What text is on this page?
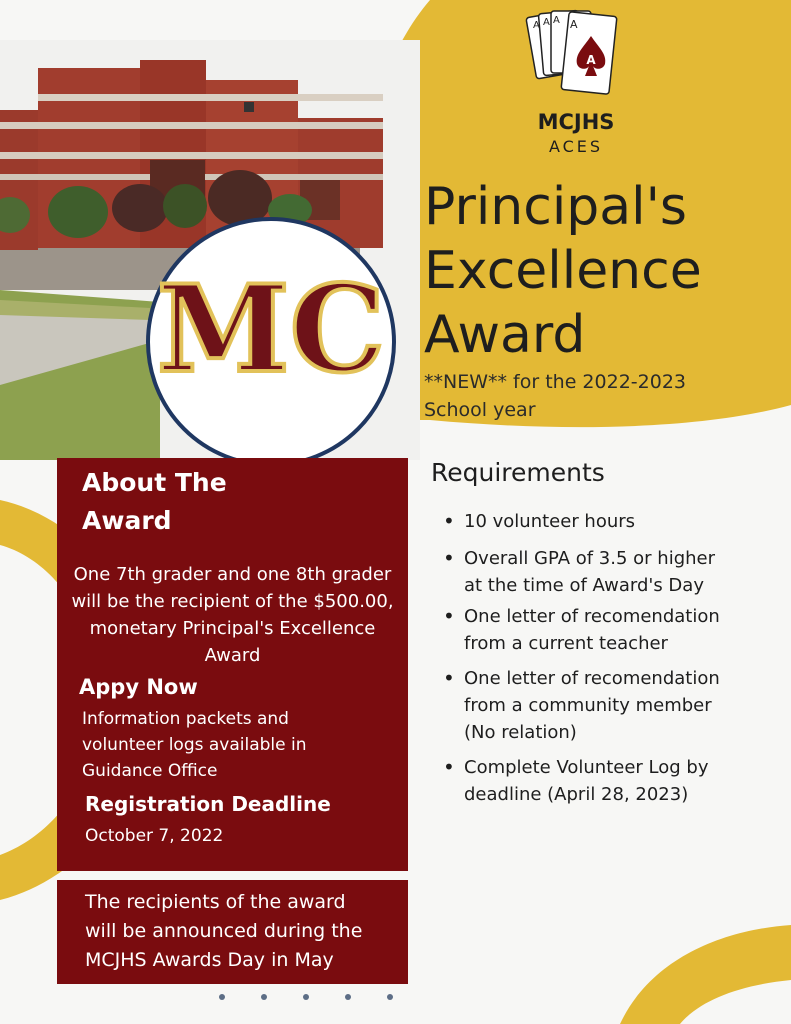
MC
A A A A
A
MCJHS
ACES
Principal's
Excellence
Award
**NEW** for the 2022-2023
School year
About The
Award
One 7th grader and one 8th grader
will be the recipient of the $500.00,
monetary Principal's Excellence
Award
Appy Now
Information packets and
volunteer logs available in
Guidance Office
Registration Deadline
October 7, 2022
The recipients of the award
will be announced during the
MCJHS Awards Day in May
Requirements
• 10 volunteer hours
• Overall GPA of 3.5 or higher
at the time of Award's Day
• One letter of recomendation
from a current teacher
• One letter of recomendation
from a community member
(No relation)
• Complete Volunteer Log by
deadline (April 28, 2023)
